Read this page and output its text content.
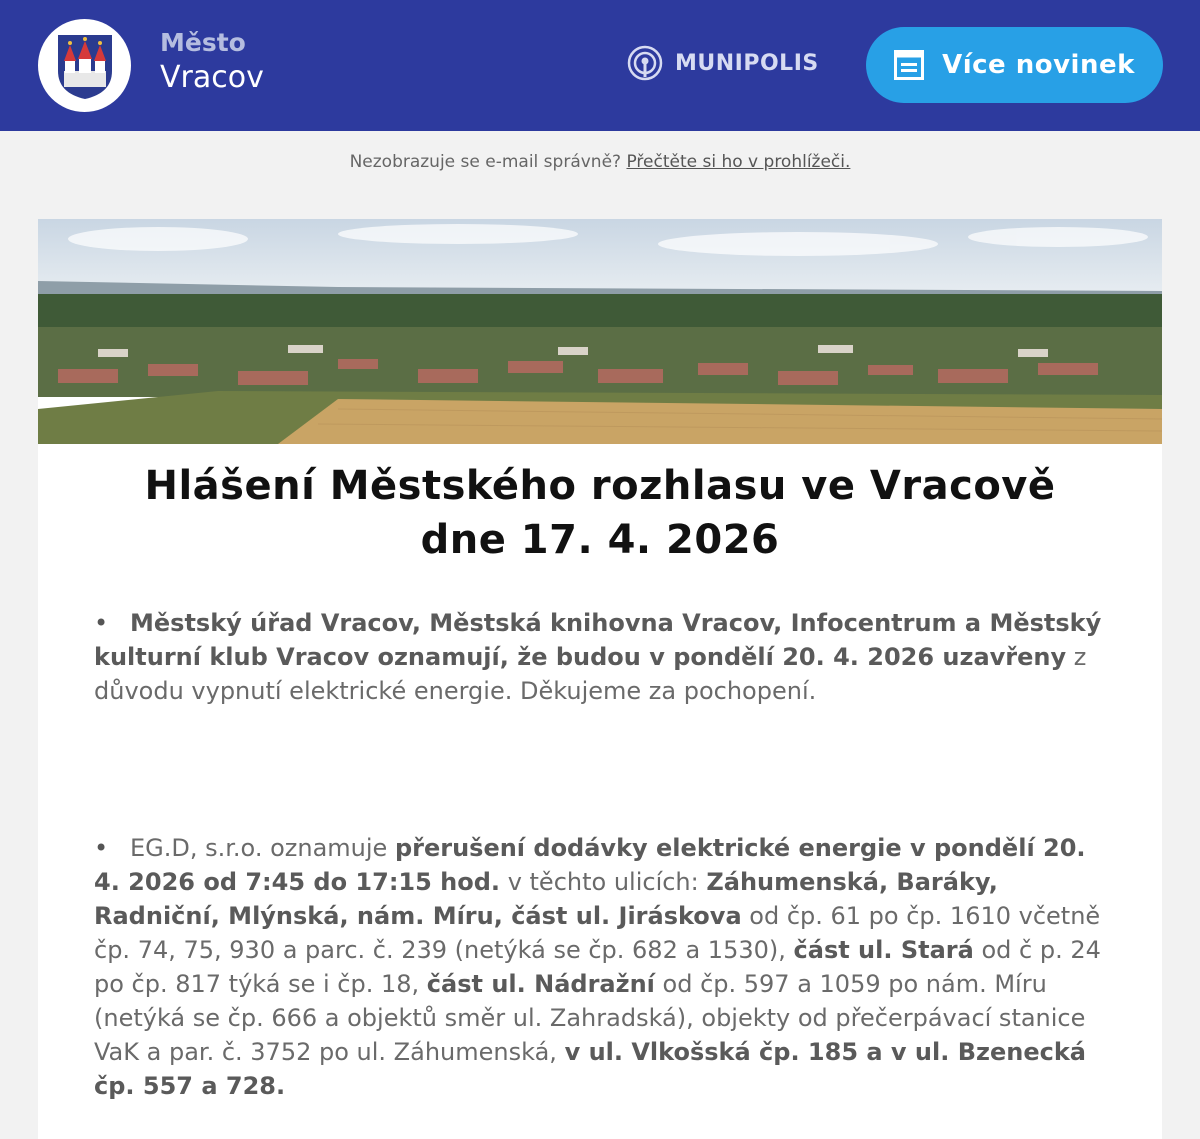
Město
Vracov	MUNIPOLIS	Více novinek
Nezobrazuje se e-mail správně? Přečtěte si ho v prohlížeči.
Hlášení Městského rozhlasu ve Vracově
dne 17. 4. 2026
• Městský úřad Vracov, Městská knihovna Vracov, Infocentrum a Městský kulturní klub Vracov oznamují, že budou v pondělí 20. 4. 2026 uzavřeny z důvodu vypnutí elektrické energie. Děkujeme za pochopení.
• EG.D, s.r.o. oznamuje přerušení dodávky elektrické energie v pondělí 20. 4. 2026 od 7:45 do 17:15 hod. v těchto ulicích: Záhumenská, Baráky, Radniční, Mlýnská, nám. Míru, část ul. Jiráskova od čp. 61 po čp. 1610 včetně čp. 74, 75, 930 a parc. č. 239 (netýká se čp. 682 a 1530), část ul. Stará od č p. 24 po čp. 817 týká se i čp. 18, část ul. Nádražní od čp. 597 a 1059 po nám. Míru (netýká se čp. 666 a objektů směr ul. Zahradská), objekty od přečerpávací stanice VaK a par. č. 3752 po ul. Záhumenská, v ul. Vlkošská čp. 185 a v ul. Bzenecká čp. 557 a 728.
